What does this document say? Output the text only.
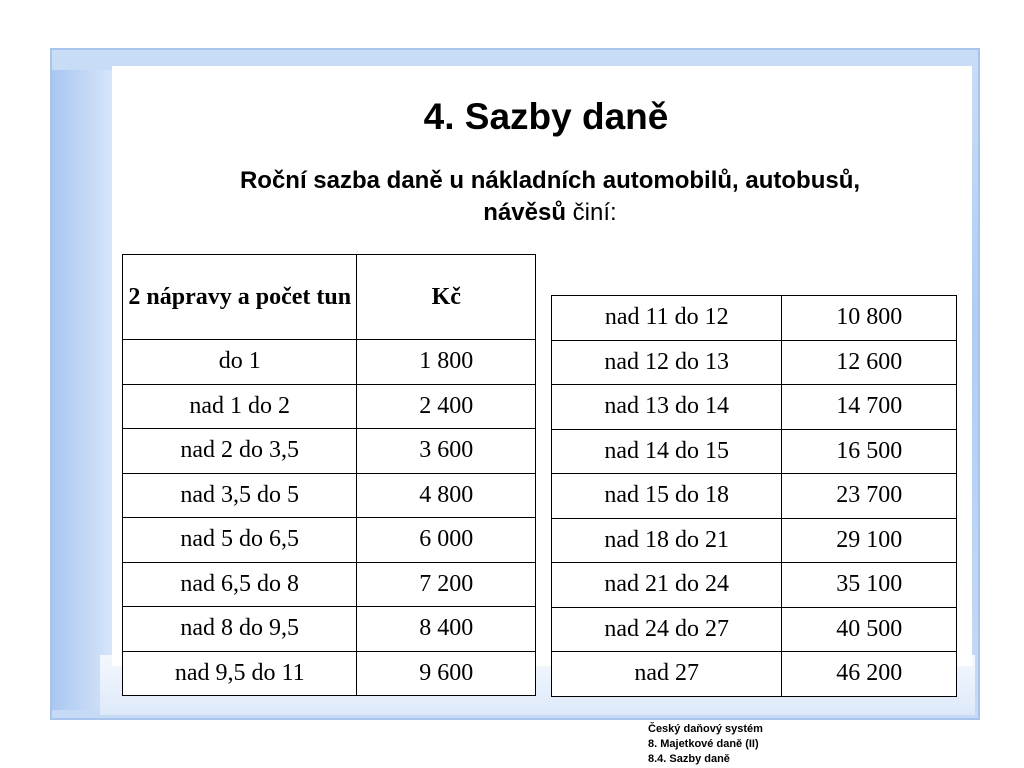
4. Sazby daně
Roční sazba daně u nákladních automobilů, autobusů,
návěsů činí:
2 nápravy a počet tun	Kč
do 1	1 800
nad 1 do 2	2 400
nad 2 do 3,5	3 600
nad 3,5 do 5	4 800
nad 5 do 6,5	6 000
nad 6,5 do 8	7 200
nad 8 do 9,5	8 400
nad 9,5 do 11	9 600
nad 11 do 12	10 800
nad 12 do 13	12 600
nad 13 do 14	14 700
nad 14 do 15	16 500
nad 15 do 18	23 700
nad 18 do 21	29 100
nad 21 do 24	35 100
nad 24 do 27	40 500
nad 27	46 200
Český daňový systém
8. Majetkové daně (II)
8.4. Sazby daně
